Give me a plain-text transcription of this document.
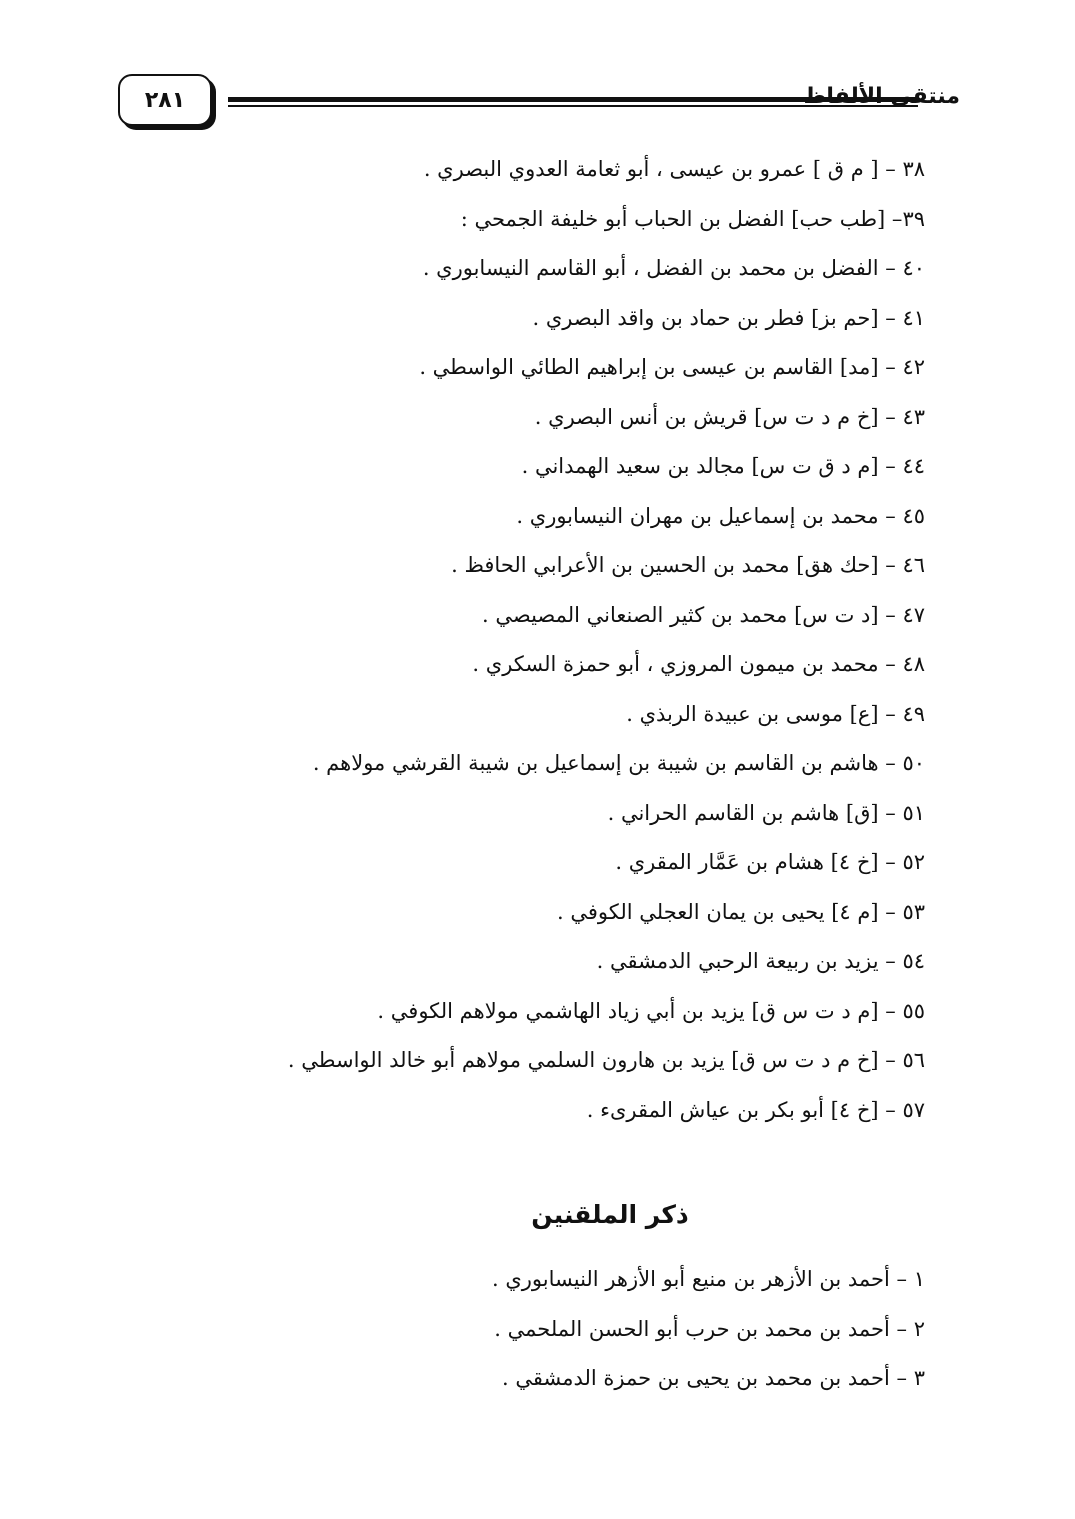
٢٨١	منتقى الألفاظ
٣٨ – [ م ق ] عمرو بن عيسى ، أبو ثعامة العدوي البصري .
٣٩– [طب حب] الفضل بن الحباب أبو خليفة الجمحي :
٤٠ – الفضل بن محمد بن الفضل ، أبو القاسم النيسابوري .
٤١ – [حم بز] فطر بن حماد بن واقد البصري .
٤٢ – [مد] القاسم بن عيسى بن إبراهيم الطائي الواسطي .
٤٣ – [خ م د ت س] قريش بن أنس البصري .
٤٤ – [م د ق ت س] مجالد بن سعيد الهمداني .
٤٥ – محمد بن إسماعيل بن مهران النيسابوري .
٤٦ – [حك هق] محمد بن الحسين بن الأعرابي الحافظ .
٤٧ – [د ت س] محمد بن كثير الصنعاني المصيصي .
٤٨ – محمد بن ميمون المروزي ، أبو حمزة السكري .
٤٩ – [ع] موسى بن عبيدة الربذي .
٥٠ – هاشم بن القاسم بن شيبة بن إسماعيل بن شيبة القرشي مولاهم .
٥١ – [ق] هاشم بن القاسم الحراني .
٥٢ – [خ ٤] هشام بن عَمَّار المقري .
٥٣ – [م ٤] يحيى بن يمان العجلي الكوفي .
٥٤ – يزيد بن ربيعة الرحبي الدمشقي .
٥٥ – [م د ت س ق] يزيد بن أبي زياد الهاشمي مولاهم الكوفي .
٥٦ – [خ م د ت س ق] يزيد بن هارون السلمي مولاهم أبو خالد الواسطي .
٥٧ – [خ ٤] أبو بكر بن عياش المقرىء .
ذكر الملقنين
١ – أحمد بن الأزهر بن منيع أبو الأزهر النيسابوري .
٢ – أحمد بن محمد بن حرب أبو الحسن الملحمي .
٣ – أحمد بن محمد بن يحيى بن حمزة الدمشقي .
